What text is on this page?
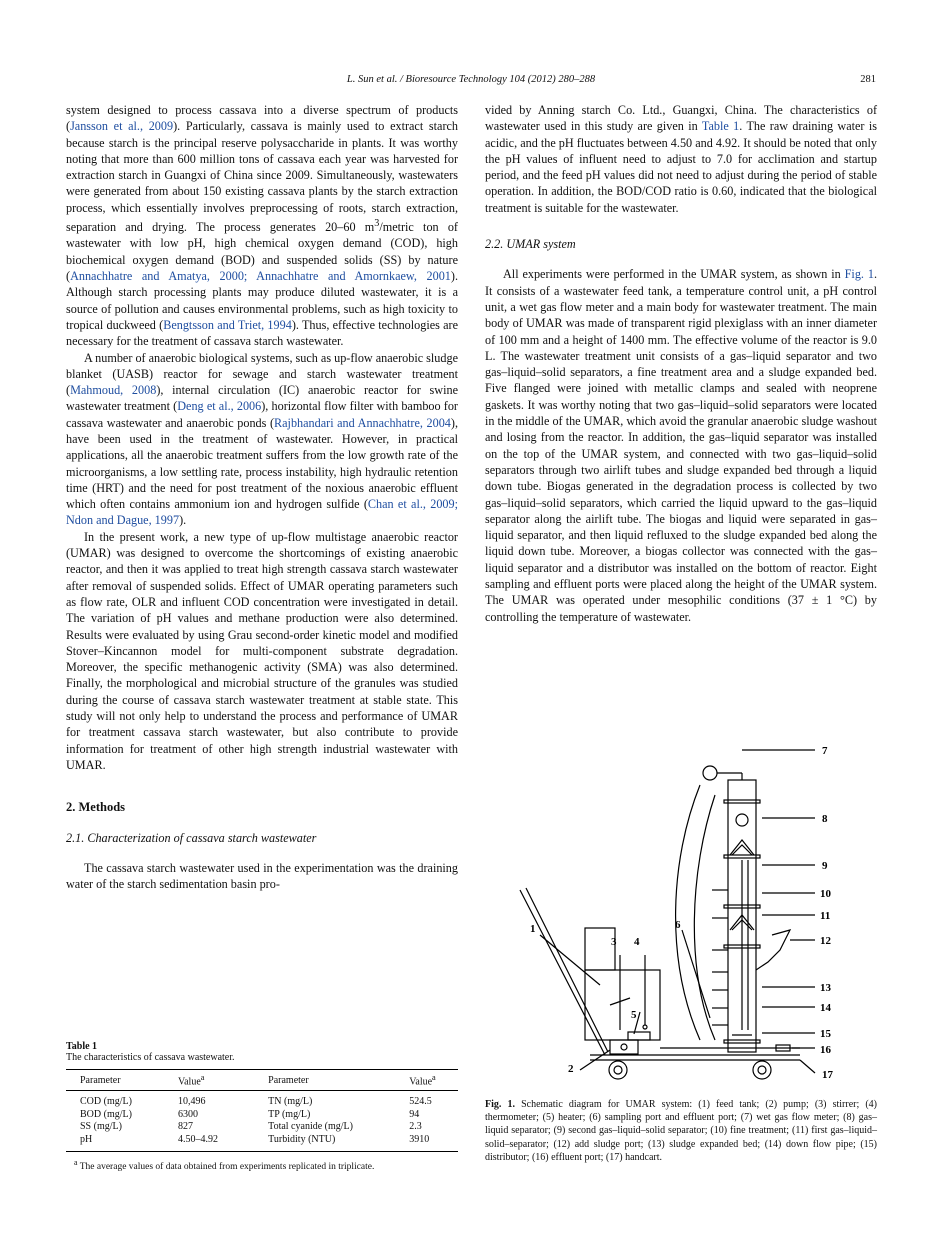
L. Sun et al. / Bioresource Technology 104 (2012) 280–288	281

system designed to process cassava into a diverse spectrum of products (Jansson et al., 2009). Particularly, cassava is mainly used to extract starch because starch is the principal reserve polysaccharide in plants. It was worthy noting that more than 600 million tons of cassava each year was harvested for extraction starch in Guangxi of China since 2009. Simultaneously, wastewaters were generated from about 150 existing cassava plants by the starch extraction process, which essentially involves preprocessing of roots, starch extraction, separation and drying. The process generates 20–60 $m^3$/metric ton of wastewater with low pH, high chemical oxygen demand (COD), high biochemical oxygen demand (BOD) and suspended solids (SS) by nature (Annachhatre and Amatya, 2000; Annachhatre and Amornkaew, 2001). Although starch processing plants may produce diluted wastewater, it is a source of pollution and causes environmental problems, such as high toxicity to tropical duckweed (Bengtsson and Triet, 1994). Thus, effective technologies are necessary for the treatment of cassava starch wastewater.

A number of anaerobic biological systems, such as up-flow anaerobic sludge blanket (UASB) reactor for sewage and starch wastewater treatment (Mahmoud, 2008), internal circulation (IC) anaerobic reactor for swine wastewater treatment (Deng et al., 2006), horizontal flow filter with bamboo for cassava wastewater and anaerobic ponds (Rajbhandari and Annachhatre, 2004), have been used in the treatment of wastewater. However, in practical applications, all the anaerobic treatment suffers from the low growth rate of the microorganisms, a low settling rate, process instability, high hydraulic retention time (HRT) and the need for post treatment of the noxious anaerobic effluent which often contains ammonium ion and hydrogen sulfide (Chan et al., 2009; Ndon and Dague, 1997).

In the present work, a new type of up-flow multistage anaerobic reactor (UMAR) was designed to overcome the shortcomings of existing anaerobic reactor, and then it was applied to treat high strength cassava starch wastewater after removal of suspended solids. Effect of UMAR operating parameters such as flow rate, OLR and influent COD concentration were investigated in detail. The variation of pH values and methane production were also determined. Results were evaluated by using Grau second-order kinetic model and modified Stover–Kincannon model for multi-component substrate degradation. Moreover, the specific methanogenic activity (SMA) was also determined. Finally, the morphological and microbial structure of the granules was studied during the course of cassava starch wastewater treatment at stable state. This study will not only help to understand the process and performance of UMAR for treatment cassava starch wastewater, but also contribute to provide information for treatment of other high strength industrial wastewater with UMAR.

2. Methods
2.1. Characterization of cassava starch wastewater

The cassava starch wastewater used in the experimentation was the draining water of the starch sedimentation basin pro-

vided by Anning starch Co. Ltd., Guangxi, China. The characteristics of wastewater used in this study are given in Table 1. The raw draining water is acidic, and the pH fluctuates between 4.50 and 4.92. It should be noted that only the pH values of influent need to adjust to 7.0 for acclimation and startup period, and the feed pH values did not need to adjust during the period of stable operation. In addition, the BOD/COD ratio is 0.60, indicated that the biological treatment is suitable for the wastewater.

2.2. UMAR system

All experiments were performed in the UMAR system, as shown in Fig. 1. It consists of a wastewater feed tank, a temperature control unit, a pH control unit, a wet gas flow meter and a main body for wastewater treatment. The main body of UMAR was made of transparent rigid plexiglass with an inner diameter of 100 mm and a height of 1400 mm. The effective volume of the reactor is 9.0 L. The wastewater treatment unit consists of a gas–liquid separator and two gas–liquid–solid separators, a fine treatment area and a sludge expanded bed. Five flanged were joined with metallic clamps and sealed with neoprene gaskets. It was worthy noting that two gas–liquid–solid separators were located in the middle of the UMAR, which avoid the granular anaerobic sludge washout and losing from the reactor. In addition, the gas–liquid separator was installed on the top of the UMAR system, and connected with two gas–liquid–solid separators through two airlift tubes and sludge expanded bed through a liquid down tube. Biogas generated in the degradation process is collected by two gas–liquid–solid separators, which carried the liquid upward to the gas–liquid separator along the airlift tube. The biogas and liquid were separated in gas–liquid separator, and then liquid refluxed to the sludge expanded bed along the liquid down tube. Moreover, a biogas collector was connected with the gas–liquid separator and a distributor was installed on the bottom of reactor. Eight sampling and effluent ports were placed along the height of the UMAR system. The UMAR was operated under mesophilic conditions (37 ± 1 °C) by controlling the temperature of wastewater.

Table 1
The characteristics of cassava wastewater.
Parameter	Value$^a$	Parameter	Value$^a$
COD (mg/L)	10,496	TN (mg/L)	524.5
BOD (mg/L)	6300	TP (mg/L)	94
SS (mg/L)	827	Total cyanide (mg/L)	2.3
pH	4.50–4.92	Turbidity (NTU)	3910
$^a$ The average values of data obtained from experiments replicated in triplicate.
1
2
3 4
5
6
7
8
9
10
11
12
13
14
15
16
17
Fig. 1. Schematic diagram for UMAR system: (1) feed tank; (2) pump; (3) stirrer; (4) thermometer; (5) heater; (6) sampling port and effluent port; (7) wet gas flow meter; (8) gas–liquid separator; (9) second gas–liquid–solid separator; (10) fine treatment; (11) first gas–liquid–solid–separator; (12) add sludge port; (13) sludge expanded bed; (14) down flow pipe; (15) distributor; (16) effluent port; (17) handcart.
